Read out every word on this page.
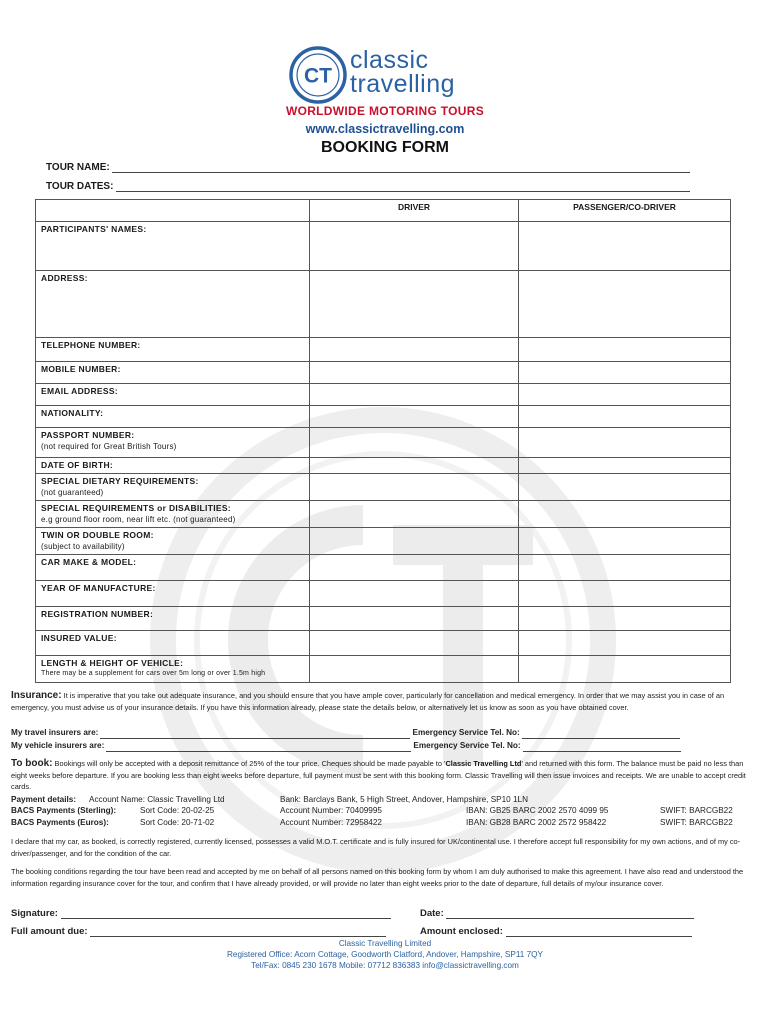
CT
classic
travelling
WORLDWIDE MOTORING TOURS
www.classictravelling.com
BOOKING FORM
TOUR NAME:
TOUR DATES:
	DRIVER	PASSENGER/CO-DRIVER
PARTICIPANTS' NAMES:		
ADDRESS:		
TELEPHONE NUMBER:		
MOBILE NUMBER:		
EMAIL ADDRESS:		
NATIONALITY:		
PASSPORT NUMBER:
(not required for Great British Tours)		

DATE OF BIRTH:		
SPECIAL DIETARY REQUIREMENTS:
(not guaranteed)		

SPECIAL REQUIREMENTS or DISABILITIES:
e.g ground floor room, near lift etc. (not guaranteed)		

TWIN OR DOUBLE ROOM:
(subject to availability)		

CAR MAKE & MODEL:		
YEAR OF MANUFACTURE:		
REGISTRATION NUMBER:		
INSURED VALUE:		
LENGTH & HEIGHT OF VEHICLE:
There may be a supplement for cars over 5m long or over 1.5m high		

Insurance: It is imperative that you take out adequate insurance, and you should ensure that you have ample cover, particularly for cancellation and medical emergency. In order that we may assist you in case of an emergency, you must advise us of your insurance details. If you have this information already, please state the details below, or alternatively let us know as soon as you have obtained cover.
My travel insurers are:	Emergency Service Tel. No:
My vehicle insurers are:	Emergency Service Tel. No:
To book: Bookings will only be accepted with a deposit remittance of 25% of the tour price. Cheques should be made payable to 'Classic Travelling Ltd' and returned with this form. The balance must be paid no less than eight weeks before departure. If you are booking less than eight weeks before departure, full payment must be sent with this booking form. Classic Travelling will then issue invoices and receipts. We are unable to accept credit cards.
Payment details: Account Name: Classic Travelling Ltd	Bank: Barclays Bank, 5 High Street, Andover, Hampshire, SP10 1LN
BACS Payments (Sterling):	Sort Code: 20-02-25	Account Number: 70409995	IBAN: GB25 BARC 2002 2570 4099 95	SWIFT: BARCGB22
BACS Payments (Euros):	Sort Code: 20-71-02	Account Number: 72958422	IBAN: GB28 BARC 2002 2572 958422	SWIFT: BARCGB22
I declare that my car, as booked, is correctly registered, currently licensed, possesses a valid M.O.T. certificate and is fully insured for UK/continental use. I therefore accept full responsibility for my own actions, and of my co-driver/passenger, and for the condition of the car.
The booking conditions regarding the tour have been read and accepted by me on behalf of all persons named on this booking form by whom I am duly authorised to make this agreement. I have also read and understood the information regarding insurance cover for the tour, and confirm that I have already provided, or will provide no later than eight weeks prior to the date of departure, full details of my/our insurance cover.
Signature:	Date:
Full amount due:	Amount enclosed:
Classic Travelling Limited
Registered Office: Acorn Cottage, Goodworth Clatford, Andover, Hampshire, SP11 7QY
Tel/Fax: 0845 230 1678 Mobile: 07712 836383 info@classictravelling.com
